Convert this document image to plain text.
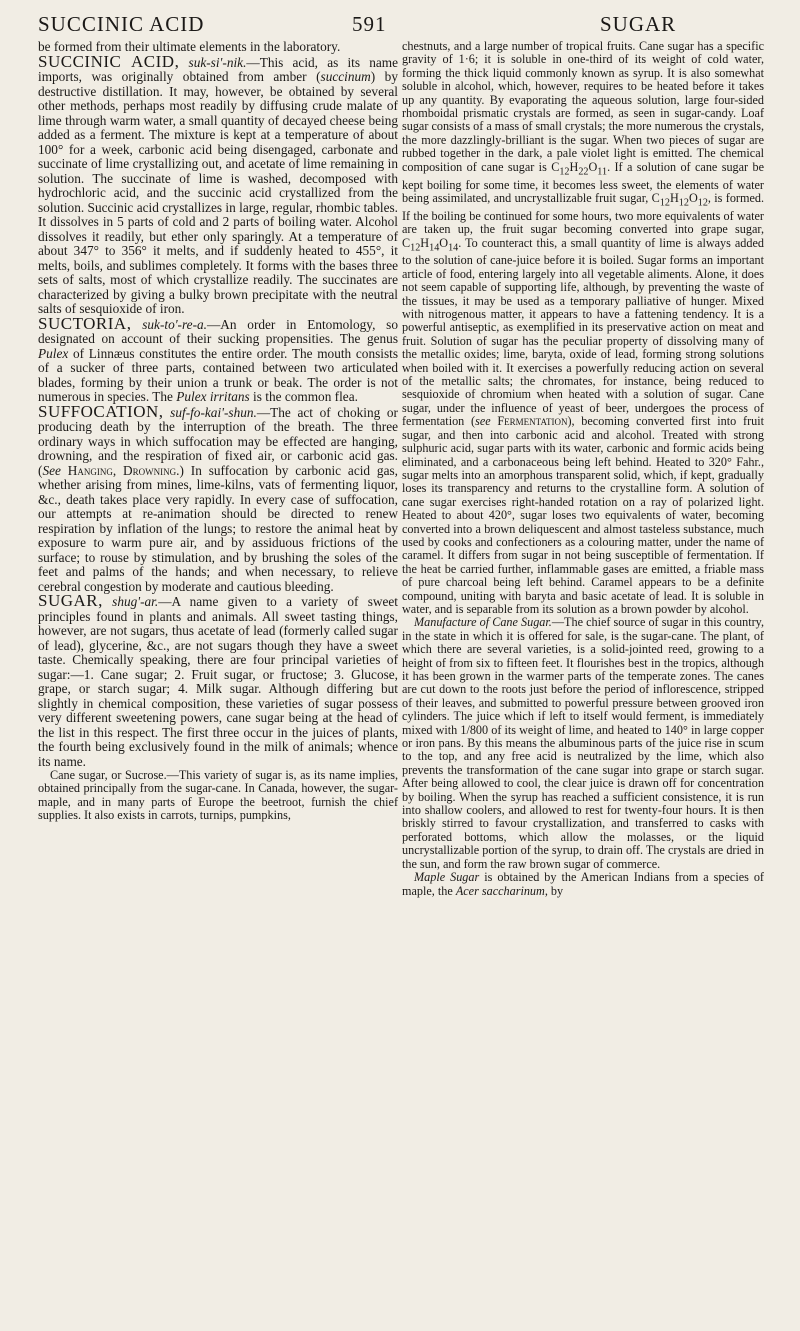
SUCCINIC ACID	591	SUGAR

be formed from their ultimate elements in the laboratory.

SUCCINIC ACID, suk-si'-nik.—This acid, as its name imports, was originally obtained from amber (succinum) by destructive distillation. It may, however, be obtained by several other methods, perhaps most readily by diffusing crude malate of lime through warm water, a small quantity of decayed cheese being added as a ferment. The mixture is kept at a temperature of about 100° for a week, carbonic acid being disengaged, carbonate and succinate of lime crystallizing out, and acetate of lime remaining in solution. The succinate of lime is washed, decomposed with hydrochloric acid, and the succinic acid crystallized from the solution. Succinic acid crystallizes in large, regular, rhombic tables. It dissolves in 5 parts of cold and 2 parts of boiling water. Alcohol dissolves it readily, but ether only sparingly. At a temperature of about 347° to 356° it melts, and if suddenly heated to 455°, it melts, boils, and sublimes completely. It forms with the bases three sets of salts, most of which crystallize readily. The succinates are characterized by giving a bulky brown precipitate with the neutral salts of sesquioxide of iron.

SUCTORIA, suk-to'-re-a.—An order in Entomology, so designated on account of their sucking propensities. The genus Pulex of Linnæus constitutes the entire order. The mouth consists of a sucker of three parts, contained between two articulated blades, forming by their union a trunk or beak. The order is not numerous in species. The Pulex irritans is the common flea.

SUFFOCATION, suf-fo-kai'-shun.—The act of choking or producing death by the interruption of the breath. The three ordinary ways in which suffocation may be effected are hanging, drowning, and the respiration of fixed air, or carbonic acid gas. (See Hanging, Drowning.) In suffocation by carbonic acid gas, whether arising from mines, lime-kilns, vats of fermenting liquor, &c., death takes place very rapidly. In every case of suffocation, our attempts at re-animation should be directed to renew respiration by inflation of the lungs; to restore the animal heat by exposure to warm pure air, and by assiduous frictions of the surface; to rouse by stimulation, and by brushing the soles of the feet and palms of the hands; and when necessary, to relieve cerebral congestion by moderate and cautious bleeding.

SUGAR, shug'-ar.—A name given to a variety of sweet principles found in plants and animals. All sweet tasting things, however, are not sugars, thus acetate of lead (formerly called sugar of lead), glycerine, &c., are not sugars though they have a sweet taste. Chemically speaking, there are four principal varieties of sugar:—1. Cane sugar; 2. Fruit sugar, or fructose; 3. Glucose, grape, or starch sugar; 4. Milk sugar. Although differing but slightly in chemical composition, these varieties of sugar possess very different sweetening powers, cane sugar being at the head of the list in this respect. The first three occur in the juices of plants, the fourth being exclusively found in the milk of animals; whence its name.

Cane sugar, or Sucrose.—This variety of sugar is, as its name implies, obtained principally from the sugar-cane. In Canada, however, the sugar-maple, and in many parts of Europe the beetroot, furnish the chief supplies. It also exists in carrots, turnips, pumpkins,

chestnuts, and a large number of tropical fruits. Cane sugar has a specific gravity of 1·6; it is soluble in one-third of its weight of cold water, forming the thick liquid commonly known as syrup. It is also somewhat soluble in alcohol, which, however, requires to be heated before it takes up any quantity. By evaporating the aqueous solution, large four-sided rhomboidal prismatic crystals are formed, as seen in sugar-candy. Loaf sugar consists of a mass of small crystals; the more numerous the crystals, the more dazzlingly-brilliant is the sugar. When two pieces of sugar are rubbed together in the dark, a pale violet light is emitted. The chemical composition of cane sugar is $C_{12}H_{22}O_{11}$. If a solution of cane sugar be kept boiling for some time, it becomes less sweet, the elements of water being assimilated, and uncrystallizable fruit sugar, $C_{12}H_{12}O_{12}$, is formed. If the boiling be continued for some hours, two more equivalents of water are taken up, the fruit sugar becoming converted into grape sugar, $C_{12}H_{14}O_{14}$. To counteract this, a small quantity of lime is always added to the solution of cane-juice before it is boiled. Sugar forms an important article of food, entering largely into all vegetable aliments. Alone, it does not seem capable of supporting life, although, by preventing the waste of the tissues, it may be used as a temporary palliative of hunger. Mixed with nitrogenous matter, it appears to have a fattening tendency. It is a powerful antiseptic, as exemplified in its preservative action on meat and fruit. Solution of sugar has the peculiar property of dissolving many of the metallic oxides; lime, baryta, oxide of lead, forming strong solutions when boiled with it. It exercises a powerfully reducing action on several of the metallic salts; the chromates, for instance, being reduced to sesquioxide of chromium when heated with a solution of sugar. Cane sugar, under the influence of yeast of beer, undergoes the process of fermentation (see Fermentation), becoming converted first into fruit sugar, and then into carbonic acid and alcohol. Treated with strong sulphuric acid, sugar parts with its water, carbonic and formic acids being eliminated, and a carbonaceous being left behind. Heated to 320° Fahr., sugar melts into an amorphous transparent solid, which, if kept, gradually loses its transparency and returns to the crystalline form. A solution of cane sugar exercises right-handed rotation on a ray of polarized light. Heated to about 420°, sugar loses two equivalents of water, becoming converted into a brown deliquescent and almost tasteless substance, much used by cooks and confectioners as a colouring matter, under the name of caramel. It differs from sugar in not being susceptible of fermentation. If the heat be carried further, inflammable gases are emitted, a friable mass of pure charcoal being left behind. Caramel appears to be a definite compound, uniting with baryta and basic acetate of lead. It is soluble in water, and is separable from its solution as a brown powder by alcohol.

Manufacture of Cane Sugar.—The chief source of sugar in this country, in the state in which it is offered for sale, is the sugar-cane. The plant, of which there are several varieties, is a solid-jointed reed, growing to a height of from six to fifteen feet. It flourishes best in the tropics, although it has been grown in the warmer parts of the temperate zones. The canes are cut down to the roots just before the period of inflorescence, stripped of their leaves, and submitted to powerful pressure between grooved iron cylinders. The juice which if left to itself would ferment, is immediately mixed with 1/800 of its weight of lime, and heated to 140° in large copper or iron pans. By this means the albuminous parts of the juice rise in scum to the top, and any free acid is neutralized by the lime, which also prevents the transformation of the cane sugar into grape or starch sugar. After being allowed to cool, the clear juice is drawn off for concentration by boiling. When the syrup has reached a sufficient consistence, it is run into shallow coolers, and allowed to rest for twenty-four hours. It is then briskly stirred to favour crystallization, and transferred to casks with perforated bottoms, which allow the molasses, or the liquid uncrystallizable portion of the syrup, to drain off. The crystals are dried in the sun, and form the raw brown sugar of commerce.

Maple Sugar is obtained by the American Indians from a species of maple, the Acer saccharinum, by
